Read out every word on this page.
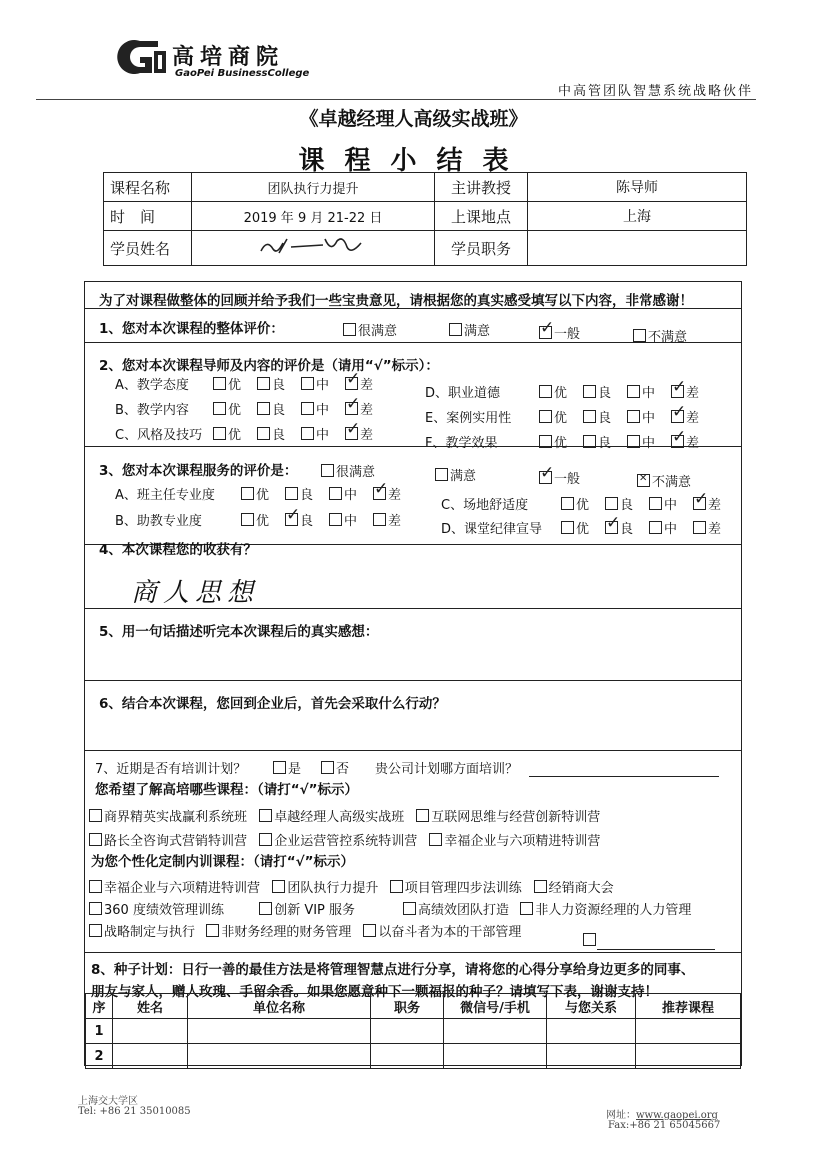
高培商院
GaoPei BusinessCollege
中高管团队智慧系统战略伙伴
《卓越经理人高级实战班》
课程小结表
课程名称	团队执行力提升	主讲教授	陈导师
时　间	2019 年 9 月 21-22 日	上课地点	上海
学员姓名		学员职务	
为了对课程做整体的回顾并给予我们一些宝贵意见，请根据您的真实感受填写以下内容，非常感谢！
1、您对本次课程的整体评价：	很满意	满意 ✓	一般	不满意
2、您对本次课程导师及内容的评价是（请用“√”标示）：
A、教学态度	优	良	中 ✓	差
B、教学内容	优	良	中 ✓	差
C、风格及技巧	优	良	中 ✓	差
D、职业道德	优	良	中 ✓	差
E、案例实用性	优	良	中 ✓	差
F、教学效果	优	良	中 ✓	差
3、您对本次课程服务的评价是：	很满意	满意 ✓	一般 ✕	不满意
A、班主任专业度	优	良	中 ✓	差
B、助教专业度	优 ✓	良	中	差
C、场地舒适度	优	良	中 ✓	差
D、课堂纪律宣导	优 ✓	良	中	差
4、本次课程您的收获有？
商人思想
5、用一句话描述听完本次课程后的真实感想：
6、结合本次课程，您回到企业后，首先会采取什么行动？
7、近期是否有培训计划？	是	否 贵公司计划哪方面培训？
您希望了解高培哪些课程：（请打“√”标示）
商界精英实战赢利系统班	卓越经理人高级实战班	互联网思维与经营创新特训营
路长全咨询式营销特训营	企业运营管控系统特训营	幸福企业与六项精进特训营
为您个性化定制内训课程：（请打“√”标示）
幸福企业与六项精进特训营	团队执行力提升	项目管理四步法训练	经销商大会
360 度绩效管理训练	创新 VIP 服务	高绩效团队打造	非人力资源经理的人力管理
战略制定与执行	非财务经理的财务管理	以奋斗者为本的干部管理
8、种子计划：日行一善的最佳方法是将管理智慧点进行分享，请将您的心得分享给身边更多的同事、
朋友与家人，赠人玫瑰、手留余香。如果您愿意种下一颗福报的种子？请填写下表，谢谢支持！
序	姓名	单位名称	职务	微信号/手机	与您关系	推荐课程
1						
2						
上海交大学区
Tel: +86 21 35010085	网址：www.gaopei.org
Fax:+86 21 65045667
